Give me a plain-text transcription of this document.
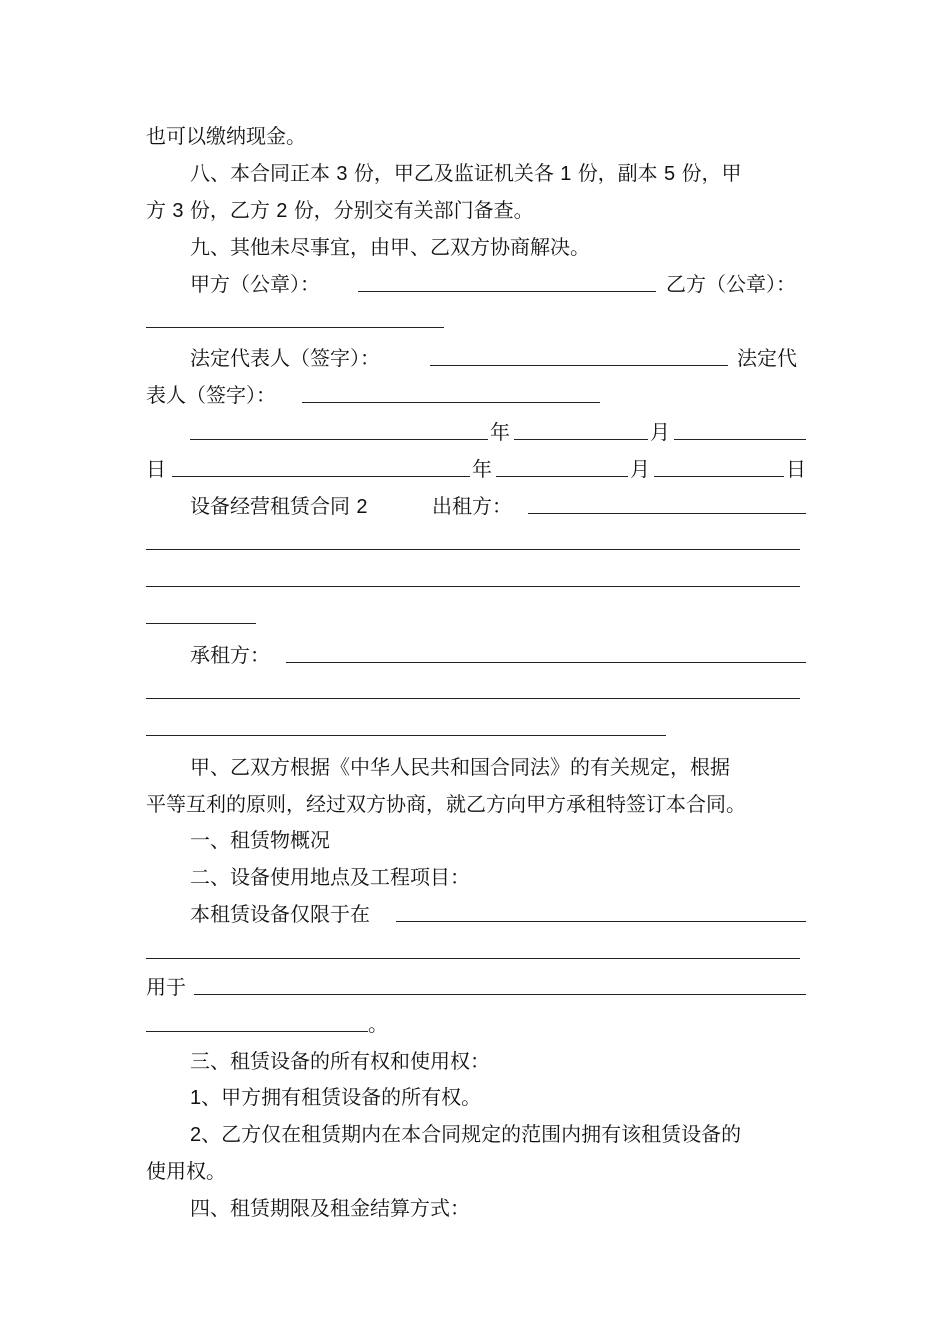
也可以缴纳现金。
八、本合同正本 3 份，甲乙及监证机关各 1 份，副本 5 份，甲
方 3 份，乙方 2 份，分别交有关部门备查。
九、其他未尽事宜，由甲、乙双方协商解决。
甲方（公章）：	乙方（公章）：
法定代表人（签字）：	法定代
表人（签字）：
年	月
日	年	月	日
设备经营租赁合同 2	出租方：
承租方：
甲、乙双方根据《中华人民共和国合同法》的有关规定，根据
平等互利的原则，经过双方协商，就乙方向甲方承租特签订本合同。
一、租赁物概况
二、设备使用地点及工程项目：
本租赁设备仅限于在
用于
。
三、租赁设备的所有权和使用权：
1、甲方拥有租赁设备的所有权。
2、乙方仅在租赁期内在本合同规定的范围内拥有该租赁设备的
使用权。
四、租赁期限及租金结算方式：
